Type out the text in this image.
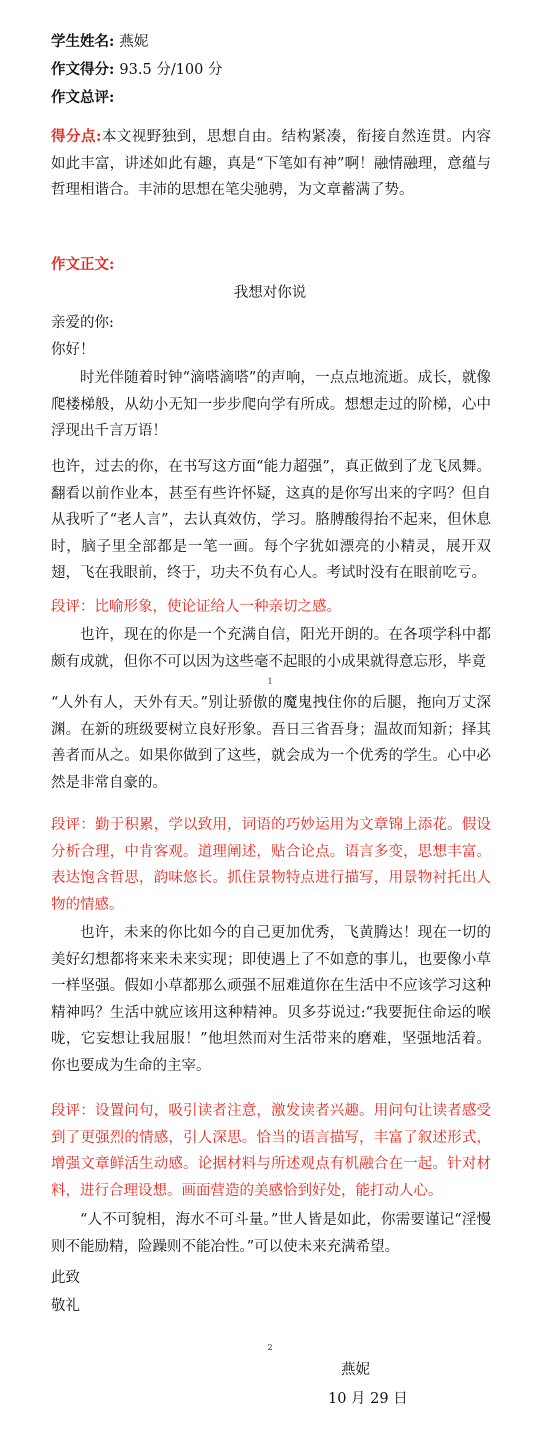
学生姓名: 燕妮
作文得分: 93.5 分/100 分
作文总评:
得分点:本文视野独到，思想自由。结构紧凑，衔接自然连贯。内容如此丰富，讲述如此有趣，真是“下笔如有神”啊！融情融理，意蕴与哲理相谐合。丰沛的思想在笔尖驰骋，为文章蓄满了势。
作文正文:
我想对你说
亲爱的你:
你好！
时光伴随着时钟“滴嗒滴嗒”的声响，一点点地流逝。成长，就像爬楼梯般，从幼小无知一步步爬向学有所成。想想走过的阶梯，心中浮现出千言万语！
也许，过去的你，在书写这方面“能力超强”，真正做到了龙飞凤舞。翻看以前作业本，甚至有些许怀疑，这真的是你写出来的字吗？但自从我听了“老人言”，去认真效仿，学习。胳膊酸得抬不起来，但休息时，脑子里全部都是一笔一画。每个字犹如漂亮的小精灵，展开双翅，飞在我眼前，终于，功夫不负有心人。考试时没有在眼前吃亏。
段评：比喻形象，使论证给人一种亲切之感。
也许，现在的你是一个充满自信，阳光开朗的。在各项学科中都颇有成就，但你不可以因为这些毫不起眼的小成果就得意忘形，毕竟
1
“人外有人，天外有天。”别让骄傲的魔鬼拽住你的后腿，拖向万丈深渊。在新的班级要树立良好形象。吾日三省吾身；温故而知新；择其善者而从之。如果你做到了这些，就会成为一个优秀的学生。心中必然是非常自豪的。
段评：勤于积累，学以致用，词语的巧妙运用为文章锦上添花。假设分析合理，中肯客观。道理阐述，贴合论点。语言多变，思想丰富。表达饱含哲思，韵味悠长。抓住景物特点进行描写，用景物衬托出人物的情感。
也许，未来的你比如今的自己更加优秀，飞黄腾达！现在一切的美好幻想都将来来未来实现；即使遇上了不如意的事儿，也要像小草一样坚强。假如小草都那么顽强不屈难道你在生活中不应该学习这种精神吗？生活中就应该用这种精神。贝多芬说过:“我要扼住命运的喉咙，它妄想让我屈服！”他坦然而对生活带来的磨难，坚强地活着。你也要成为生命的主宰。
段评：设置问句，吸引读者注意，激发读者兴趣。用问句让读者感受到了更强烈的情感，引人深思。恰当的语言描写，丰富了叙述形式，增强文章鲜活生动感。论据材料与所述观点有机融合在一起。针对材料，进行合理设想。画面营造的美感恰到好处，能打动人心。
“人不可貌相，海水不可斗量。”世人皆是如此，你需要谨记“淫慢则不能励精，险躁则不能冶性。”可以使未来充满希望。
此致
敬礼
2
燕妮
10 月 29 日
